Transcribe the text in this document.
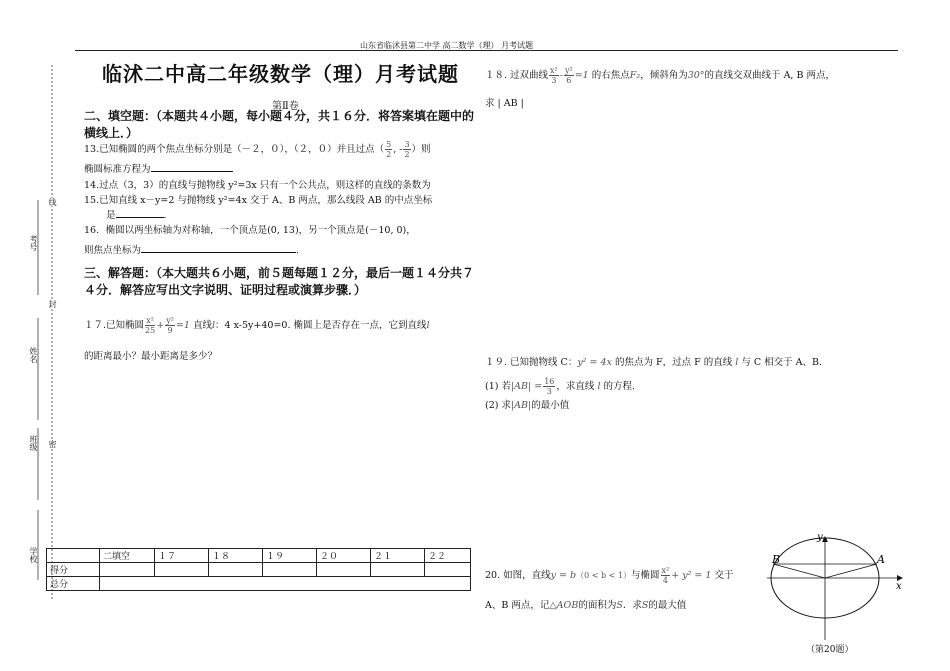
山东省临沭县第二中学 高二数学（理） 月考试题
考号
姓名
班级
学校
线
封
密
临沭二中高二年级数学（理）月考试题
第Ⅱ卷
二、填空题：（本题共４小题，每小题４分，共１６分．将答案填在题中的横线上．）
13.已知椭圆的两个焦点坐标分别是（－２，０），（２，０）并且过点（ $\frac{5}{2}$ , - $\frac{3}{2}$ ）则
椭圆标准方程为
14.过点（3，3）的直线与抛物线 y²=3x 只有一个公共点，则这样的直线的条数为
15.已知直线 x－y=2 与抛物线 y²=4x 交于 A、B 两点，那么线段 AB 的中点坐标
是	.
16．椭圆以两坐标轴为对称轴，一个顶点是(0, 13)，另一个顶点是(－10, 0)，
则焦点坐标为	.
三、解答题：（本大题共６小题，前５题每题１２分，最后一题１４分共７４分．解答应写出文字说明、证明过程或演算步骤．）
１７.已知椭圆 $\frac{\text{x²}}{25} + \frac{\text{y²}}{9} =1$ 直线l：4 x-5y+40=0. 椭圆上是否存在一点，它到直线l
的距离最小？最小距离是多少？
１８. 过双曲线 $\frac{\text{x²}}{3} - \frac{\text{y²}}{6} =1$ 的右焦点F₂，倾斜角为30°的直线交双曲线于 A, B 两点，
求 | AB |
１９. 已知抛物线 C：y² = 4x 的焦点为 F，过点 F 的直线 l 与 C 相交于 A、B.
(1) 若$|AB| = \frac{16}{3}$ ，求直线 l 的方程.
(2) 求|AB|的最小值
20. 如图，直线y = b（0 < b < 1）与椭圆 $\frac{\text{x²}}{4} + y^2 = 1$ 交于
A、B 两点，记△AOB的面积为S．求S的最大值
y
x
A
B
（第20题）
	二填空	１７	１８	１９	２０	２１	２２
得分							
总分							
